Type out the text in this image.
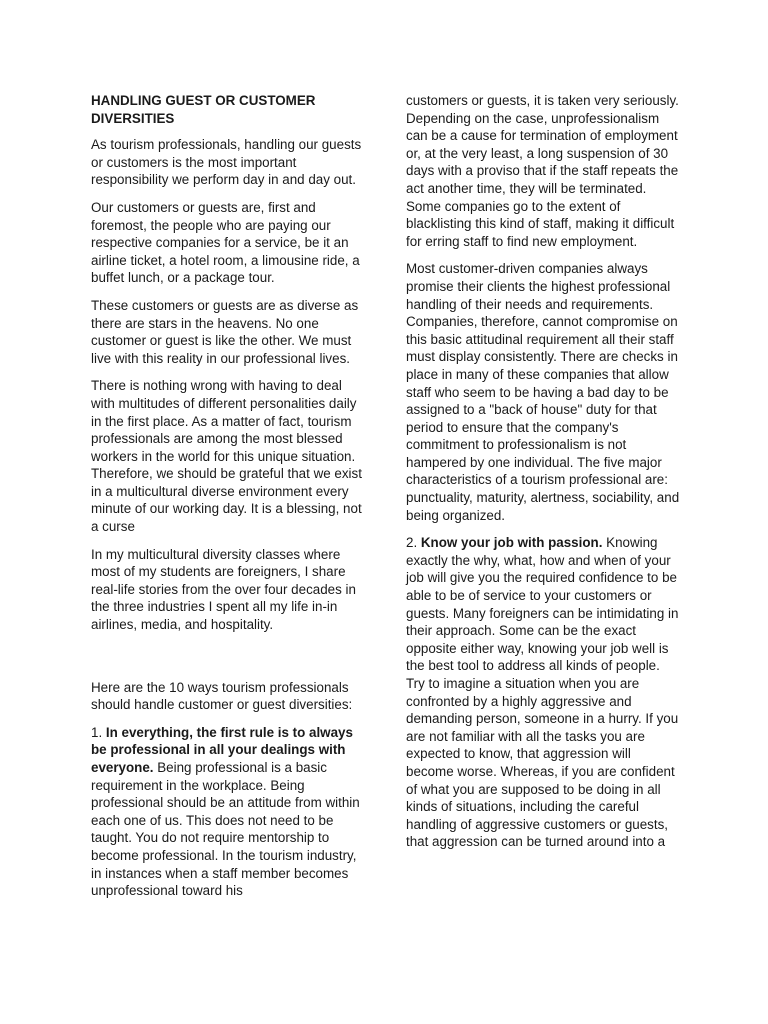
HANDLING GUEST OR CUSTOMER
DIVERSITIES

As tourism professionals, handling our guests or customers is the most important responsibility we perform day in and day out.

Our customers or guests are, first and foremost, the people who are paying our respective companies for a service, be it an airline ticket, a hotel room, a limousine ride, a buffet lunch, or a package tour.

These customers or guests are as diverse as there are stars in the heavens. No one customer or guest is like the other. We must live with this reality in our professional lives.

There is nothing wrong with having to deal with multitudes of different personalities daily in the first place. As a matter of fact, tourism professionals are among the most blessed workers in the world for this unique situation. Therefore, we should be grateful that we exist in a multicultural diverse environment every minute of our working day. It is a blessing, not a curse

In my multicultural diversity classes where most of my students are foreigners, I share real-life stories from the over four decades in the three industries I spent all my life in-in airlines, media, and hospitality.

Here are the 10 ways tourism professionals should handle customer or guest diversities:

1. In everything, the first rule is to always be professional in all your dealings with everyone. Being professional is a basic requirement in the workplace. Being professional should be an attitude from within each one of us. This does not need to be taught. You do not require mentorship to become professional. In the tourism industry, in instances when a staff member becomes unprofessional toward his

customers or guests, it is taken very seriously. Depending on the case, unprofessionalism can be a cause for termination of employment or, at the very least, a long suspension of 30 days with a proviso that if the staff repeats the act another time, they will be terminated. Some companies go to the extent of blacklisting this kind of staff, making it difficult for erring staff to find new employment.

Most customer-driven companies always promise their clients the highest professional handling of their needs and requirements. Companies, therefore, cannot compromise on this basic attitudinal requirement all their staff must display consistently. There are checks in place in many of these companies that allow staff who seem to be having a bad day to be assigned to a "back of house" duty for that period to ensure that the company's commitment to professionalism is not hampered by one individual. The five major characteristics of a tourism professional are: punctuality, maturity, alertness, sociability, and being organized.

2. Know your job with passion. Knowing exactly the why, what, how and when of your job will give you the required confidence to be able to be of service to your customers or guests. Many foreigners can be intimidating in their approach. Some can be the exact opposite either way, knowing your job well is the best tool to address all kinds of people. Try to imagine a situation when you are confronted by a highly aggressive and demanding person, someone in a hurry. If you are not familiar with all the tasks you are expected to know, that aggression will become worse. Whereas, if you are confident of what you are supposed to be doing in all kinds of situations, including the careful handling of aggressive customers or guests, that aggression can be turned around into a
